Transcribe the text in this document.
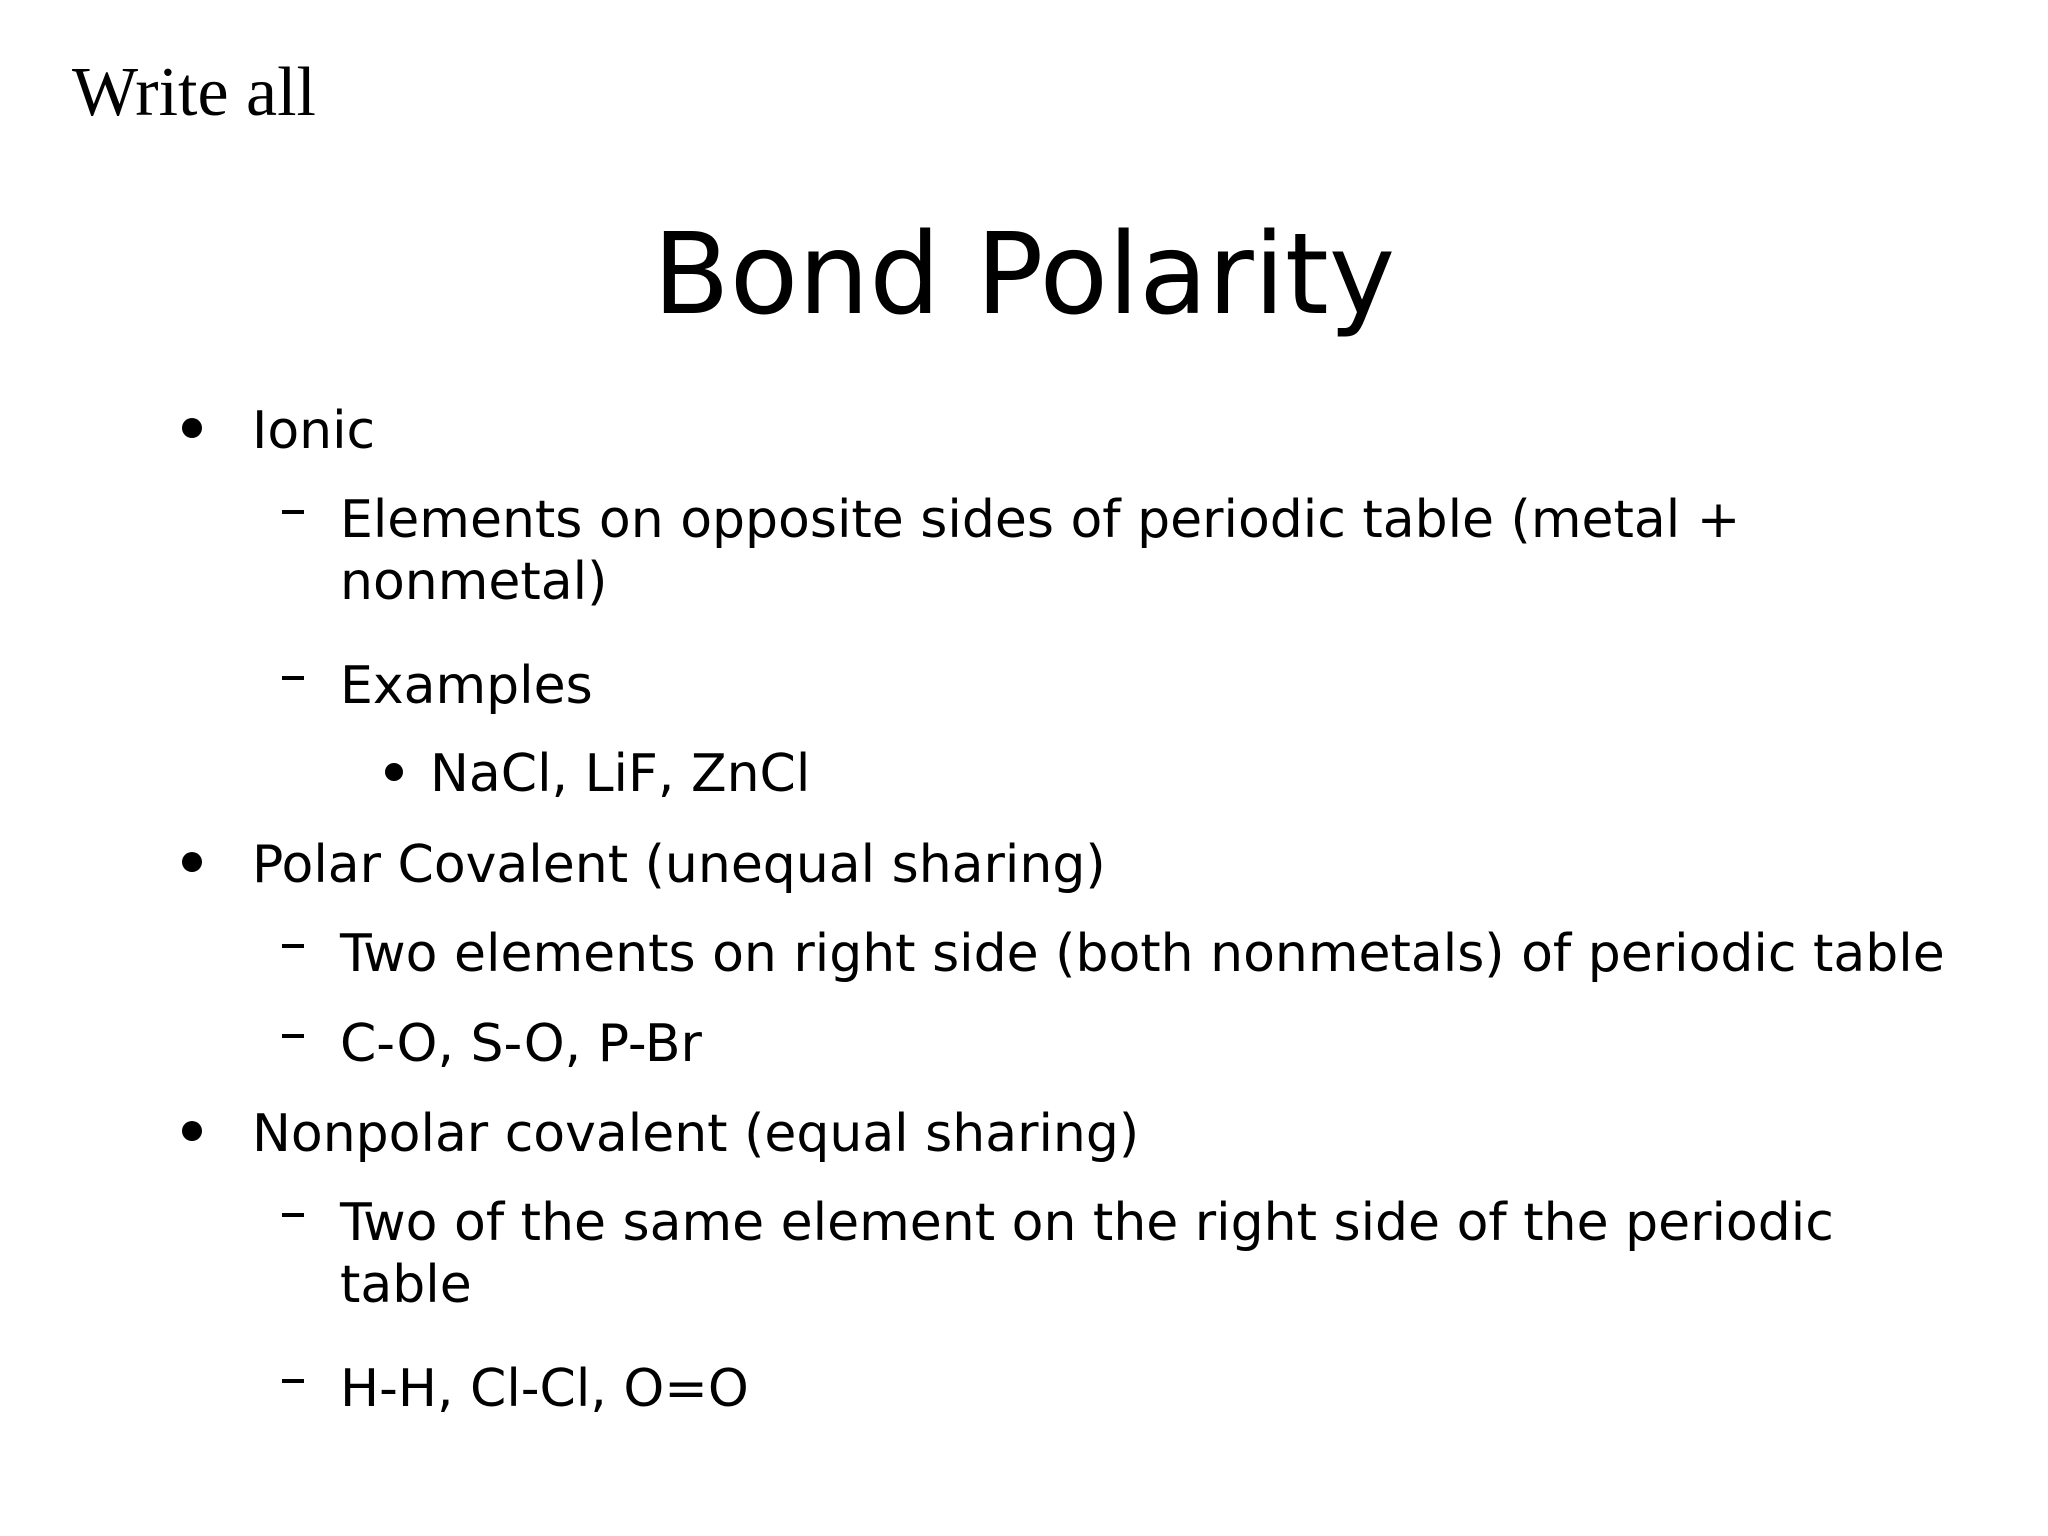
Write all

Bond Polarity

Ionic

Elements on opposite sides of periodic table (metal + nonmetal)

Examples

NaCl, LiF, ZnCl

Polar Covalent (unequal sharing)

Two elements on right side (both nonmetals) of periodic table

C-O, S-O, P-Br

Nonpolar covalent (equal sharing)

Two of the same element on the right side of the periodic table

H-H, Cl-Cl, O=O
